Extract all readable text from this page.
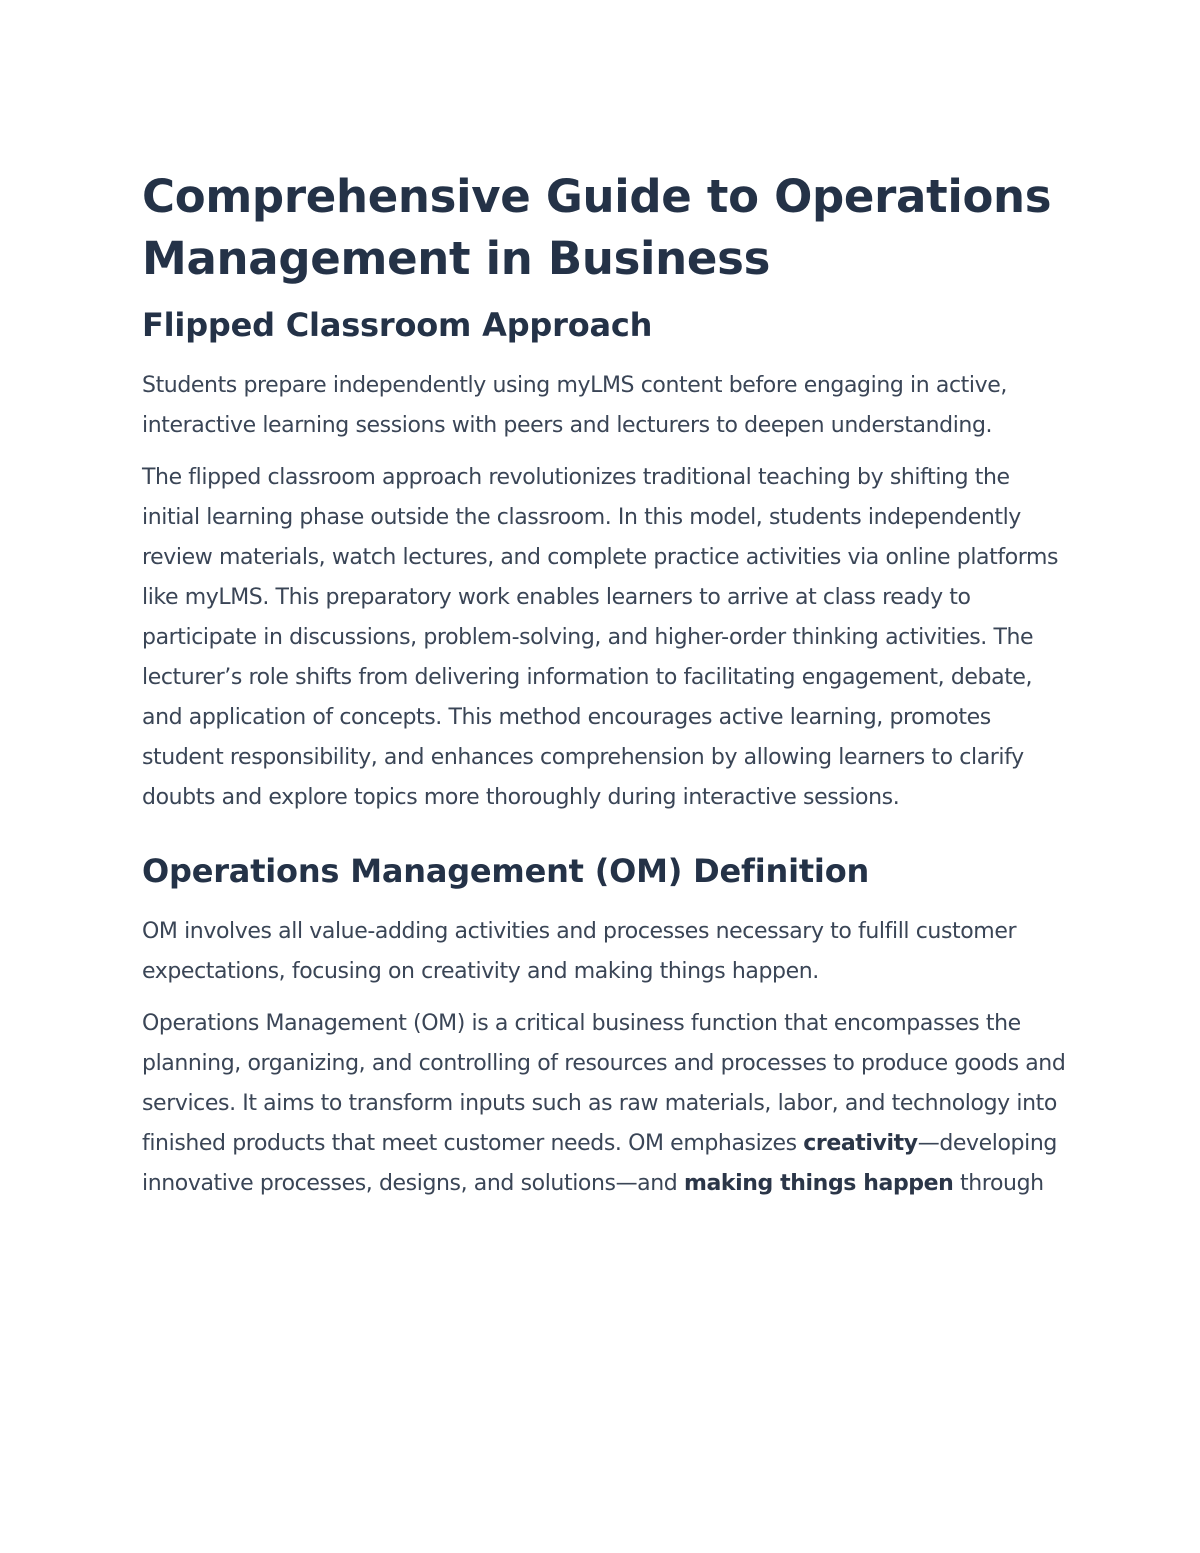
Comprehensive Guide to Operations Management in Business
Flipped Classroom Approach

Students prepare independently using myLMS content before engaging in active, interactive learning sessions with peers and lecturers to deepen understanding.

The flipped classroom approach revolutionizes traditional teaching by shifting the initial learning phase outside the classroom. In this model, students independently review materials, watch lectures, and complete practice activities via online platforms like myLMS. This preparatory work enables learners to arrive at class ready to participate in discussions, problem-solving, and higher-order thinking activities. The lecturer’s role shifts from delivering information to facilitating engagement, debate, and application of concepts. This method encourages active learning, promotes student responsibility, and enhances comprehension by allowing learners to clarify doubts and explore topics more thoroughly during interactive sessions.

Operations Management (OM) Definition

OM involves all value-adding activities and processes necessary to fulfill customer expectations, focusing on creativity and making things happen.

Operations Management (OM) is a critical business function that encompasses the planning, organizing, and controlling of resources and processes to produce goods and services. It aims to transform inputs such as raw materials, labor, and technology into finished products that meet customer needs. OM emphasizes creativity—developing innovative processes, designs, and solutions—and making things happen through
